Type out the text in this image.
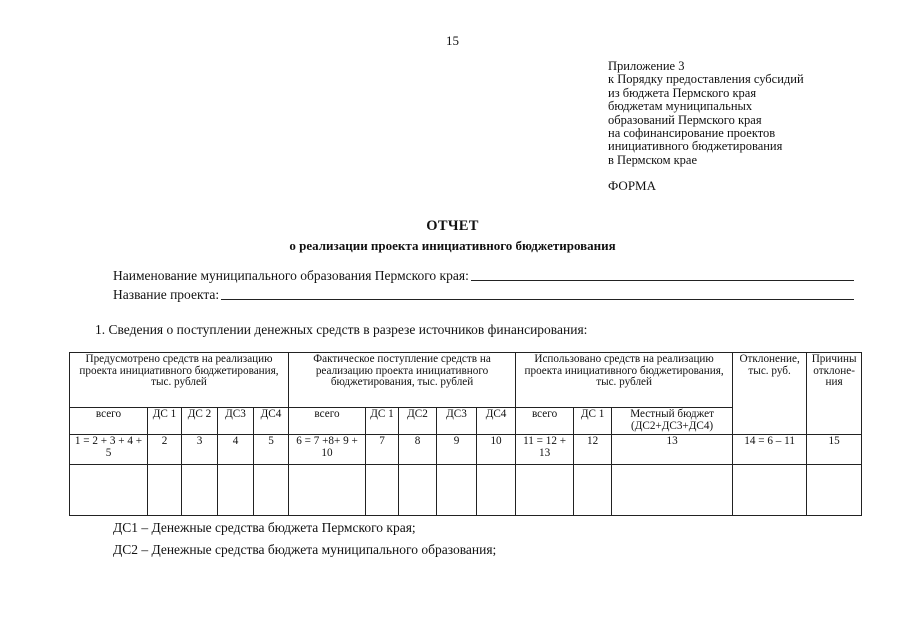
15
Приложение 3
к Порядку предоставления субсидий
из бюджета Пермского края
бюджетам муниципальных
образований Пермского края
на софинансирование проектов
инициативного бюджетирования
в Пермском крае
ФОРМА
ОТЧЕТ
о реализации проекта инициативного бюджетирования
Наименование муниципального образования Пермского края:
Название проекта:
1. Сведения о поступлении денежных средств в разрезе источников финансирования:
Предусмотрено средств на реализацию проекта инициативного бюджетирования, тыс. рублей					Фактическое поступление средств на реализацию проекта инициативного бюджетирования, тыс. рублей					Использовано средств на реализацию проекта инициативного бюджетирования, тыс. рублей			Отклонение, тыс. руб.	Причины отклонения
всего	ДС 1	ДС 2	ДС3	ДС4	всего	ДС 1	ДС2	ДС3	ДС4	всего	ДС 1	Местный бюджет (ДС2+ДС3+ДС4)		
1 = 2 + 3 + 4 + 5	2	3	4	5	6 = 7 +8+ 9 + 10	7	8	9	10	11 = 12 + 13	12	13	14 = 6 – 11	15

ДС1 – Денежные средства бюджета Пермского края;
ДС2 – Денежные средства бюджета муниципального образования;
